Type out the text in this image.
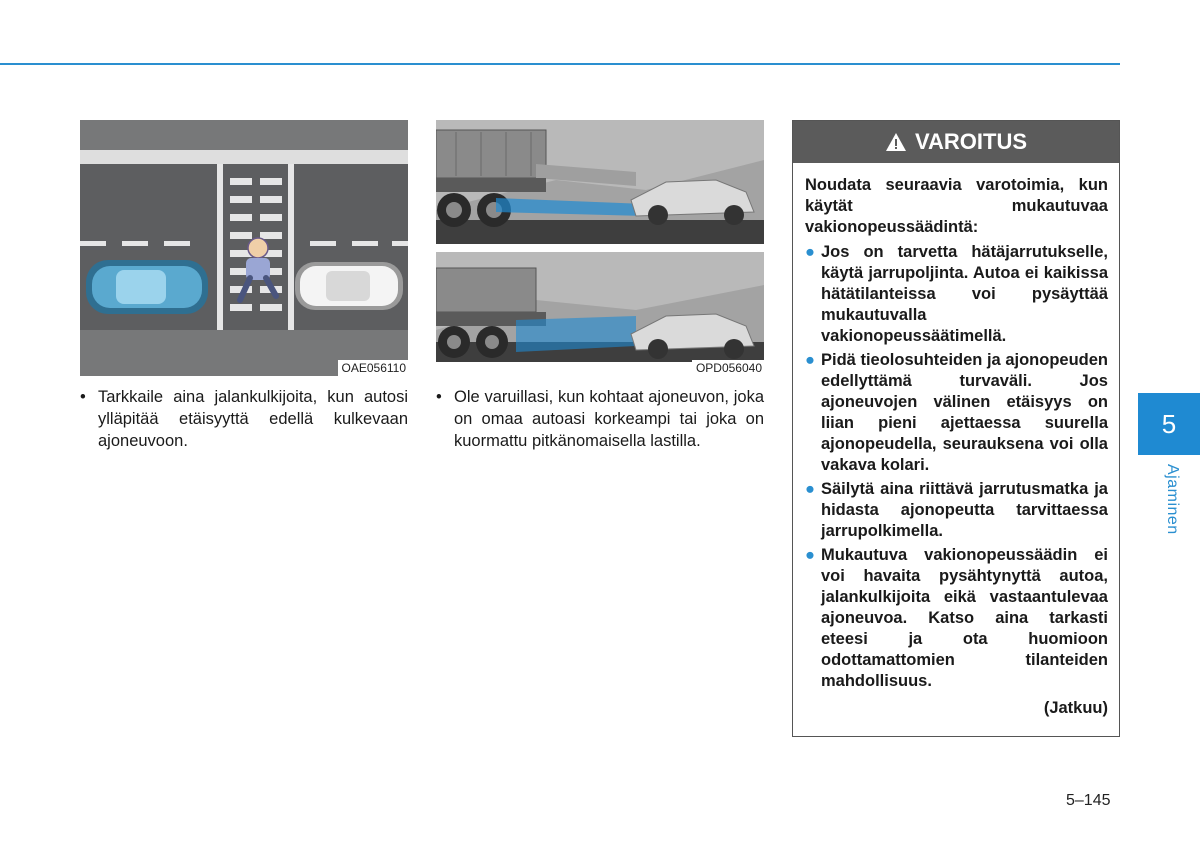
OAE056110	OPD056040
• Tarkkaile aina jalankulkijoita, kun autosi ylläpitää etäisyyttä edellä kulkevaan ajoneuvoon.
• Ole varuillasi, kun kohtaat ajoneuvon, joka on omaa autoasi korkeampi tai joka on kuormattu pitkänomaisella lastilla.
VAROITUS
Noudata seuraavia varotoimia, kun käytät mukautuvaa vakionopeussäädintä:
● Jos on tarvetta hätäjarrutukselle, käytä jarrupoljinta. Autoa ei kaikissa hätätilanteissa voi pysäyttää mukautuvalla vakionopeussäätimellä.
● Pidä tieolosuhteiden ja ajonopeuden edellyttämä turvaväli. Jos ajoneuvojen välinen etäisyys on liian pieni ajettaessa suurella ajonopeudella, seurauksena voi olla vakava kolari.
● Säilytä aina riittävä jarrutusmatka ja hidasta ajonopeutta tarvittaessa jarrupolkimella.
● Mukautuva vakionopeussäädin ei voi havaita pysähtynyttä autoa, jalankulkijoita eikä vastaantulevaa ajoneuvoa. Katso aina tarkasti eteesi ja ota huomioon odottamattomien tilanteiden mahdollisuus.
(Jatkuu)
5
Ajaminen
5–145
